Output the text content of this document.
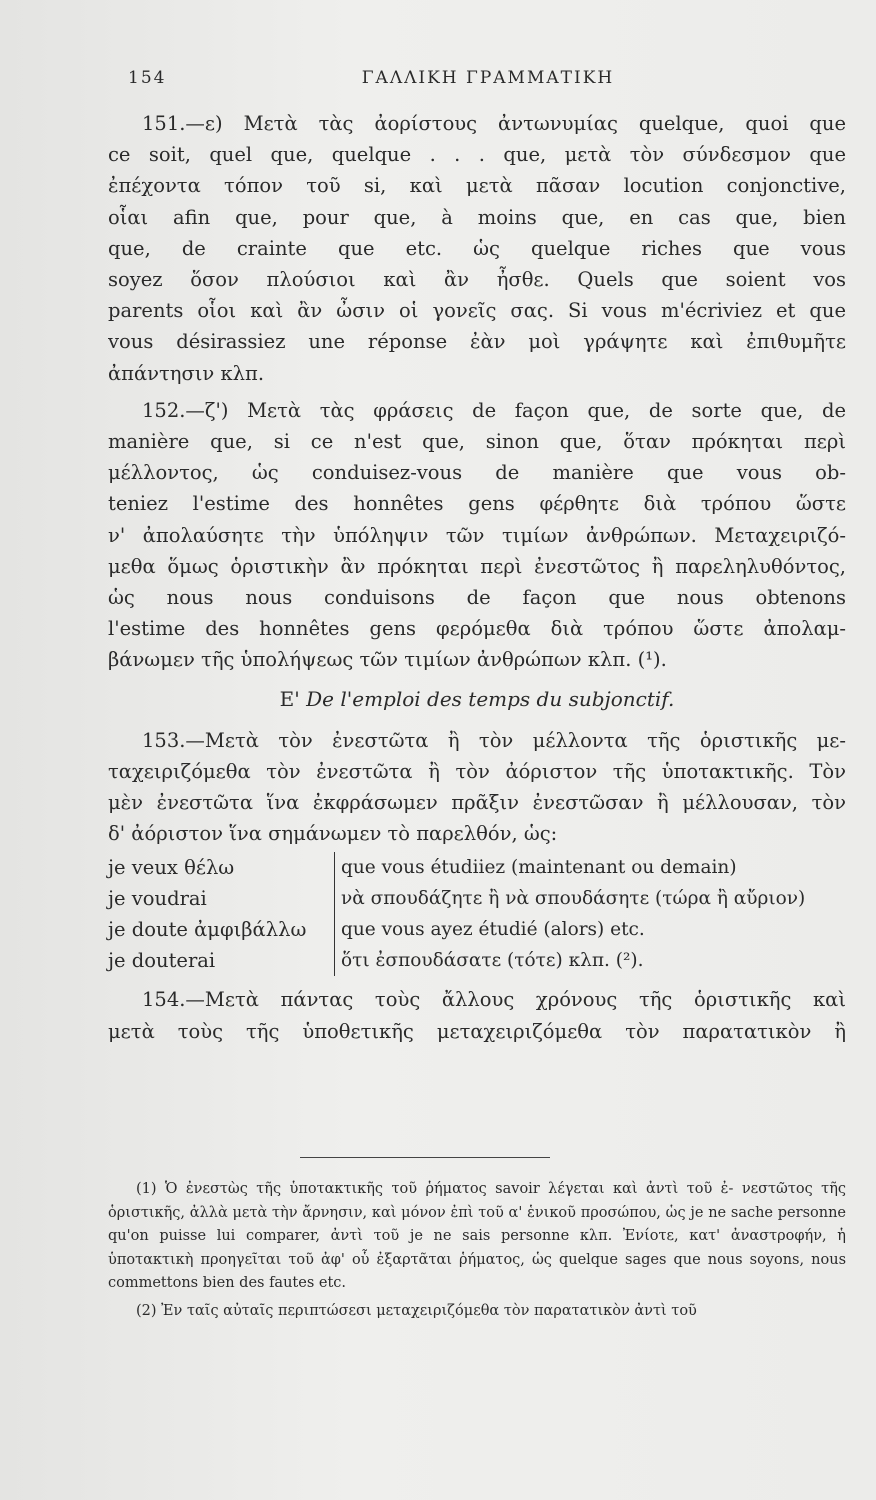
154	ΓΑΛΛΙΚΗ ΓΡΑΜΜΑΤΙΚΗ
151.—ε) Μετὰ τὰς ἀορίστους ἀντωνυμίας quelque, quoi que
ce soit, quel que, quelque . . . que, μετὰ τὸν σύνδεσμον que
ἐπέχοντα τόπον τοῦ si, καὶ μετὰ πᾶσαν locution conjonctive,
οἷαι afin que, pour que, à moins que, en cas que, bien
que, de crainte que etc. ὡς quelque riches que vous
soyez ὅσον πλούσιοι καὶ ἂν ἦσθε. Quels que soient vos
parents οἷοι καὶ ἂν ὦσιν οἱ γονεῖς σας. Si vous m'écriviez et que
vous désirassiez une réponse ἐὰν μοὶ γράψητε καὶ ἐπιθυμῆτε
ἀπάντησιν κλπ.
152.—ζ') Μετὰ τὰς φράσεις de façon que, de sorte que, de
manière que, si ce n'est que, sinon que, ὅταν πρόκηται περὶ
μέλλοντος, ὡς conduisez-vous de manière que vous ob-
teniez l'estime des honnêtes gens φέρθητε διὰ τρόπου ὥστε
ν' ἀπολαύσητε τὴν ὑπόληψιν τῶν τιμίων ἀνθρώπων. Μεταχειριζό-
μεθα ὅμως ὁριστικὴν ἂν πρόκηται περὶ ἐνεστῶτος ἢ παρεληλυθόντος,
ὡς nous nous conduisons de façon que nous obtenons
l'estime des honnêtes gens φερόμεθα διὰ τρόπου ὥστε ἀπολαμ-
βάνωμεν τῆς ὑπολήψεως τῶν τιμίων ἀνθρώπων κλπ. (¹).
Ε' De l'emploi des temps du subjonctif.
153.—Μετὰ τὸν ἐνεστῶτα ἢ τὸν μέλλοντα τῆς ὁριστικῆς με-
ταχειριζόμεθα τὸν ἐνεστῶτα ἢ τὸν ἀόριστον τῆς ὑποτακτικῆς. Τὸν
μὲν ἐνεστῶτα ἵνα ἐκφράσωμεν πρᾶξιν ἐνεστῶσαν ἢ μέλλουσαν, τὸν
δ' ἀόριστον ἵνα σημάνωμεν τὸ παρελθόν, ὡς:
je veux θέλω	que vous étudiiez (maintenant ou demain)
je voudrai	νὰ σπουδάζητε ἢ νὰ σπουδάσητε (τώρα ἢ αὔριον)
je doute ἀμφιβάλλω	que vous ayez étudié (alors) etc.
je douterai	ὅτι ἐσπουδάσατε (τότε) κλπ. (²).
154.—Μετὰ πάντας τοὺς ἄλλους χρόνους τῆς ὁριστικῆς καὶ
μετὰ τοὺς τῆς ὑποθετικῆς μεταχειριζόμεθα τὸν παρατατικὸν ἢ
(1) Ὁ ἐνεστὼς τῆς ὑποτακτικῆς τοῦ ῥήματος savoir λέγεται καὶ ἀντὶ τοῦ ἐ- νεστῶτος τῆς ὁριστικῆς, ἀλλὰ μετὰ τὴν ἄρνησιν, καὶ μόνον ἐπὶ τοῦ α' ἑνικοῦ προσώπου, ὡς je ne sache personne qu'on puisse lui comparer, ἀντὶ τοῦ je ne sais personne κλπ. Ἐνίοτε, κατ' ἀναστροφήν, ἡ ὑποτακτικὴ προηγεῖται τοῦ ἀφ' οὗ ἐξαρτᾶται ῥήματος, ὡς quelque sages que nous soyons, nous commettons bien des fautes etc.
(2) Ἐν ταῖς αὐταῖς περιπτώσεσι μεταχειριζόμεθα τὸν παρατατικὸν ἀντὶ τοῦ
